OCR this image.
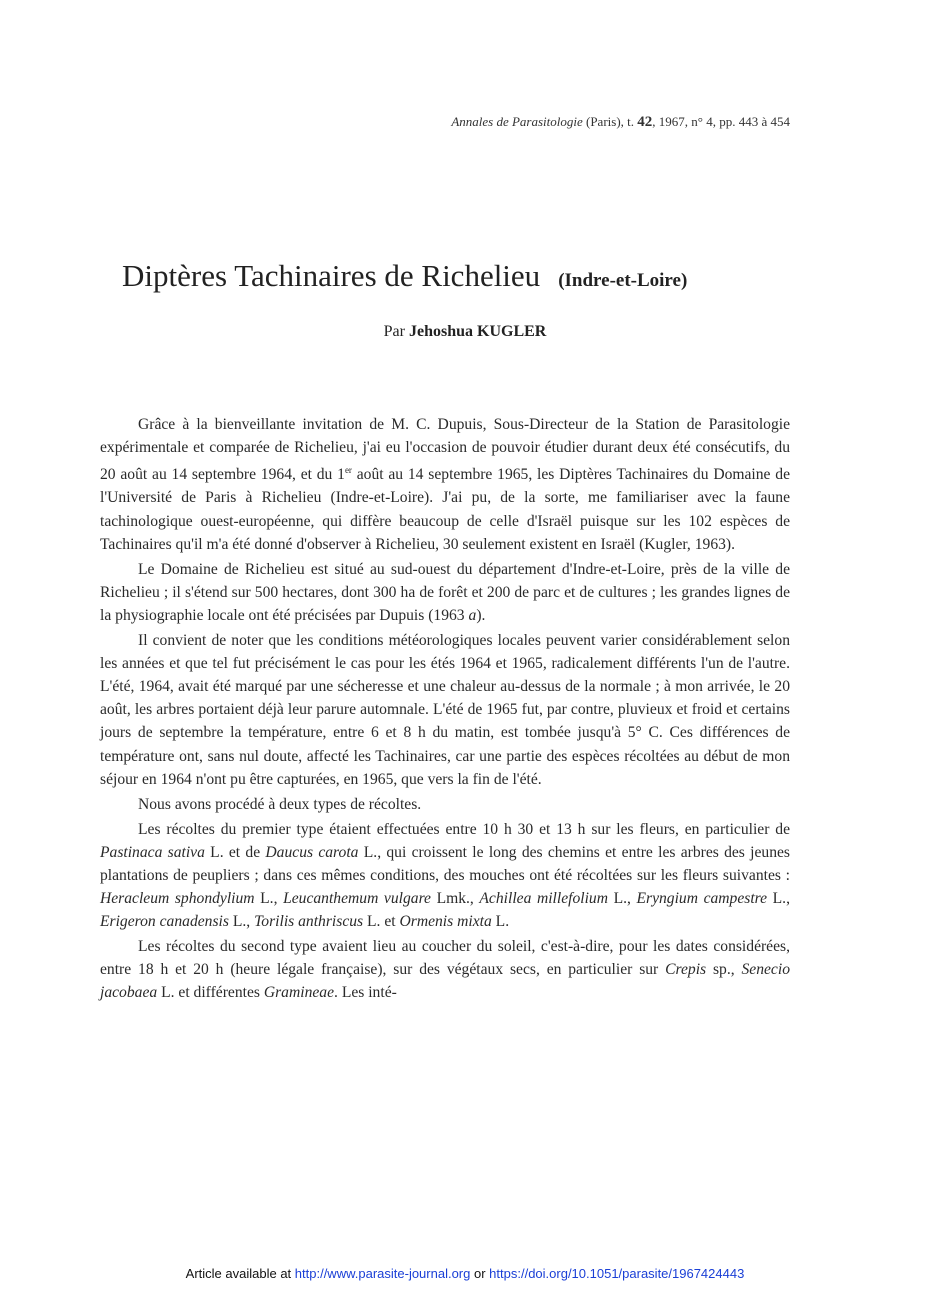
Annales de Parasitologie (Paris), t. 42, 1967, n° 4, pp. 443 à 454
Diptères Tachinaires de Richelieu (Indre-et-Loire)
Par Jehoshua KUGLER

Grâce à la bienveillante invitation de M. C. Dupuis, Sous-Directeur de la Station de Parasitologie expérimentale et comparée de Richelieu, j'ai eu l'occasion de pouvoir étudier durant deux été consécutifs, du 20 août au 14 septembre 1964, et du 1er août au 14 septembre 1965, les Diptères Tachinaires du Domaine de l'Université de Paris à Richelieu (Indre-et-Loire). J'ai pu, de la sorte, me familiariser avec la faune tachinologique ouest-européenne, qui diffère beaucoup de celle d'Israël puisque sur les 102 espèces de Tachinaires qu'il m'a été donné d'observer à Richelieu, 30 seulement existent en Israël (Kugler, 1963).

Le Domaine de Richelieu est situé au sud-ouest du département d'Indre-et-Loire, près de la ville de Richelieu ; il s'étend sur 500 hectares, dont 300 ha de forêt et 200 de parc et de cultures ; les grandes lignes de la physiographie locale ont été précisées par Dupuis (1963 a).

Il convient de noter que les conditions météorologiques locales peuvent varier considérablement selon les années et que tel fut précisément le cas pour les étés 1964 et 1965, radicalement différents l'un de l'autre. L'été, 1964, avait été marqué par une sécheresse et une chaleur au-dessus de la normale ; à mon arrivée, le 20 août, les arbres portaient déjà leur parure automnale. L'été de 1965 fut, par contre, pluvieux et froid et certains jours de septembre la température, entre 6 et 8 h du matin, est tombée jusqu'à 5° C. Ces différences de température ont, sans nul doute, affecté les Tachinaires, car une partie des espèces récoltées au début de mon séjour en 1964 n'ont pu être capturées, en 1965, que vers la fin de l'été.

Nous avons procédé à deux types de récoltes.

Les récoltes du premier type étaient effectuées entre 10 h 30 et 13 h sur les fleurs, en particulier de Pastinaca sativa L. et de Daucus carota L., qui croissent le long des chemins et entre les arbres des jeunes plantations de peupliers ; dans ces mêmes conditions, des mouches ont été récoltées sur les fleurs suivantes : Heracleum sphondylium L., Leucanthemum vulgare Lmk., Achillea millefolium L., Eryngium campestre L., Erigeron canadensis L., Torilis anthriscus L. et Ormenis mixta L.

Les récoltes du second type avaient lieu au coucher du soleil, c'est-à-dire, pour les dates considérées, entre 18 h et 20 h (heure légale française), sur des végétaux secs, en particulier sur Crepis sp., Senecio jacobaea L. et différentes Gramineae. Les inté-

Article available at http://www.parasite-journal.org or https://doi.org/10.1051/parasite/1967424443
